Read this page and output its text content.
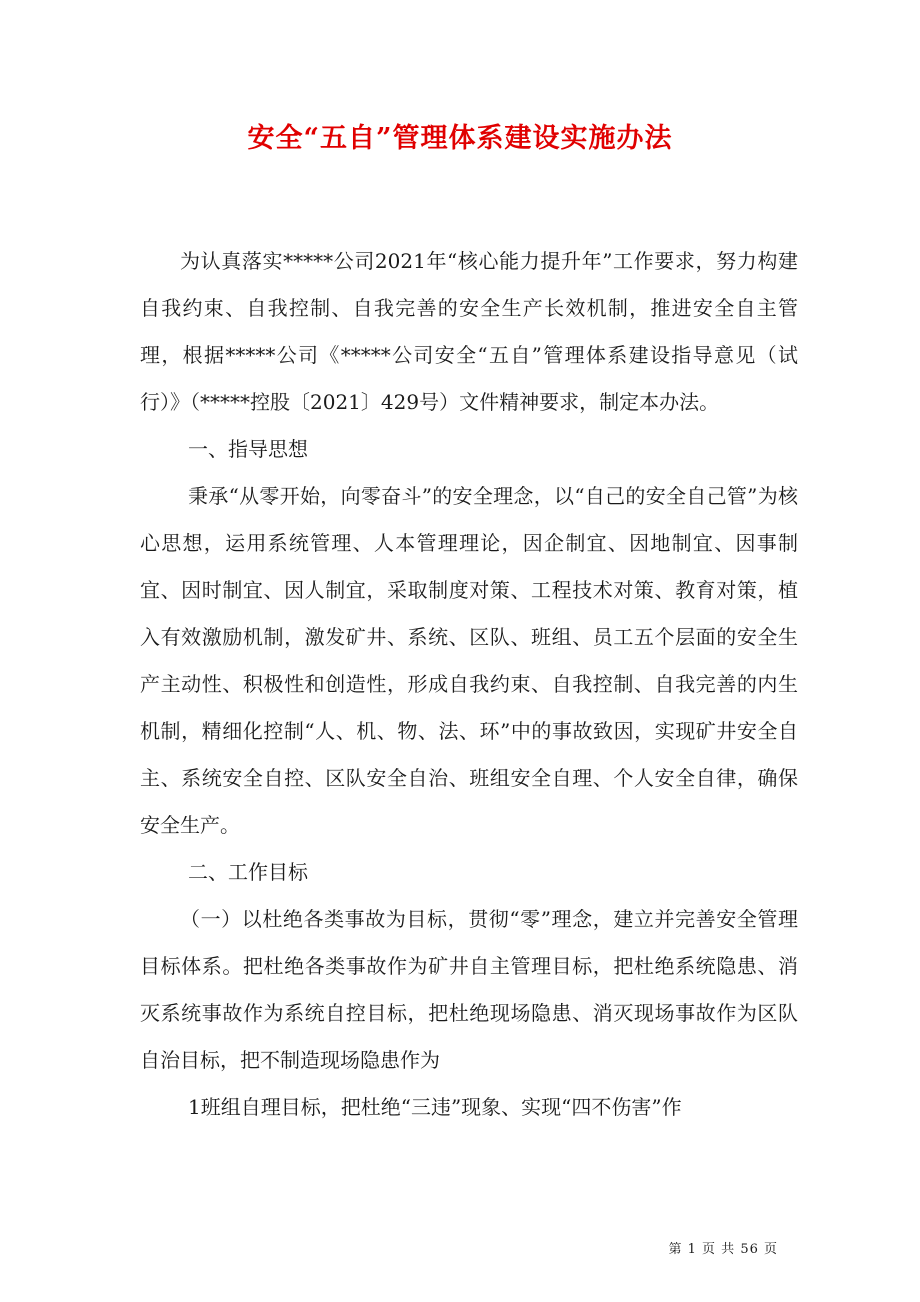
安全“五自”管理体系建设实施办法

为认真落实*****公司2021年“核心能力提升年”工作要求，努力构建自我约束、自我控制、自我完善的安全生产长效机制，推进安全自主管理，根据*****公司《*****公司安全“五自”管理体系建设指导意见（试行）》（*****控股〔2021〕429号）文件精神要求，制定本办法。

一、指导思想

秉承“从零开始，向零奋斗”的安全理念，以“自己的安全自己管”为核心思想，运用系统管理、人本管理理论，因企制宜、因地制宜、因事制宜、因时制宜、因人制宜，采取制度对策、工程技术对策、教育对策，植入有效激励机制，激发矿井、系统、区队、班组、员工五个层面的安全生产主动性、积极性和创造性，形成自我约束、自我控制、自我完善的内生机制，精细化控制“人、机、物、法、环”中的事故致因，实现矿井安全自主、系统安全自控、区队安全自治、班组安全自理、个人安全自律，确保安全生产。

二、工作目标

（一）以杜绝各类事故为目标，贯彻“零”理念，建立并完善安全管理目标体系。把杜绝各类事故作为矿井自主管理目标，把杜绝系统隐患、消灭系统事故作为系统自控目标，把杜绝现场隐患、消灭现场事故作为区队自治目标，把不制造现场隐患作为

1班组自理目标，把杜绝“三违”现象、实现“四不伤害”作

第 1 页 共 56 页
